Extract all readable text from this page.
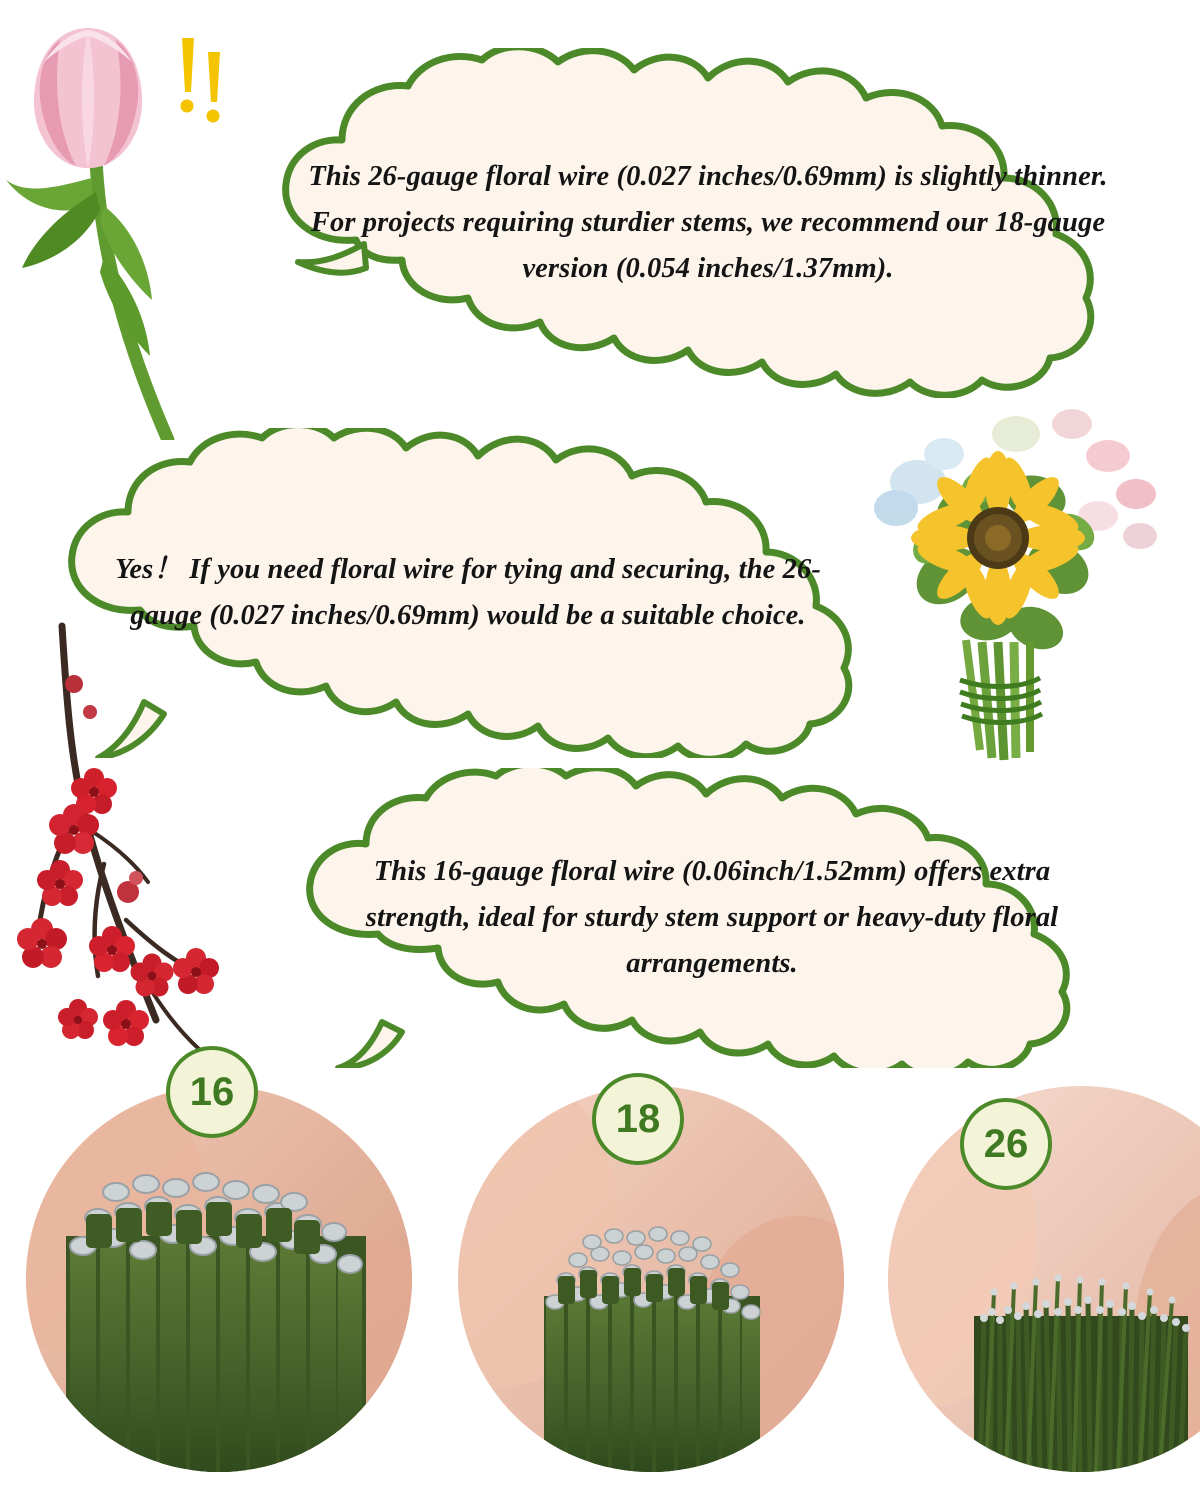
This 26-gauge floral wire (0.027 inches/0.69mm) is slightly thinner. For projects requiring sturdier stems, we recommend our 18-gauge version (0.054 inches/1.37mm).
Yes！ If you need floral wire for tying and securing, the 26-gauge (0.027 inches/0.69mm) would be a suitable choice.
This 16-gauge floral wire (0.06inch/1.52mm) offers extra strength, ideal for sturdy stem support or heavy-duty floral arrangements.
16
18
26
